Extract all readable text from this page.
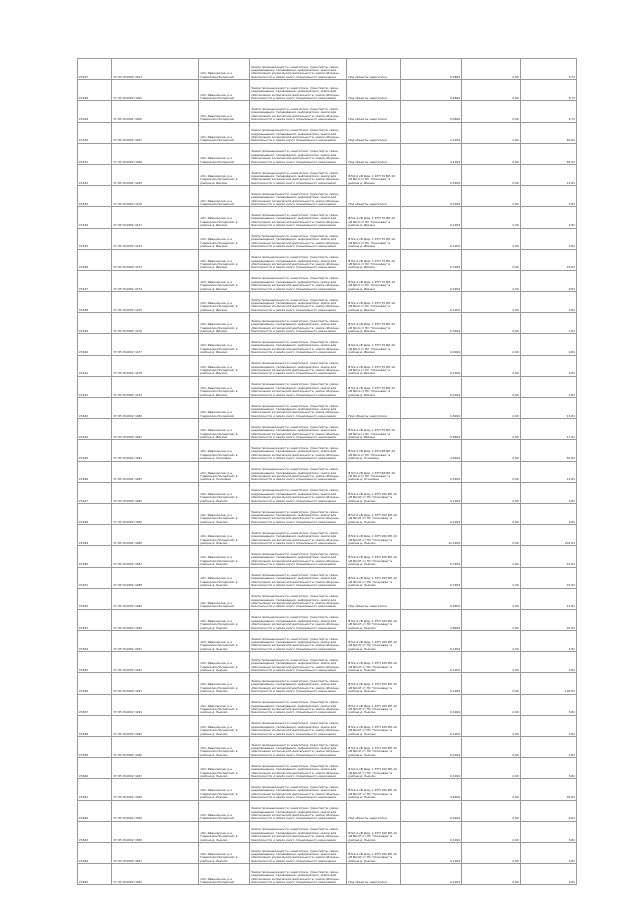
У1627	37:05:011092:1464	обл. Ивановская, р-н Гаврилово-Посадский	Земли промышленности, энергетики, транспорта, связи, радиовещания, телевидения, информатики, земли для обеспечения космической деятельности, земли обороны, безопасности и земли иного специального назначения	Под объекты энергетики	0,4864	2,00	9,73
У1628	37:05:011092:1465	обл. Ивановская, р-н Гаврилово-Посадский	Земли промышленности, энергетики, транспорта, связи, радиовещания, телевидения, информатики, земли для обеспечения космической деятельности, земли обороны, безопасности и земли иного специального назначения	Под объекты энергетики	0,4864	2,00	9,73
У1629	37:05:011092:1466	обл. Ивановская, р-н Гаврилово-Посадский	Земли промышленности, энергетики, транспорта, связи, радиовещания, телевидения, информатики, земли для обеспечения космической деятельности, земли обороны, безопасности и земли иного специального назначения	Под объекты энергетики	0,4864	2,00	9,73
У1630	37:05:011092:1467	обл. Ивановская, р-н Гаврилово-Посадский	Земли промышленности, энергетики, транспорта, связи, радиовещания, телевидения, информатики, земли для обеспечения космической деятельности, земли обороны, безопасности и земли иного специального назначения	Под объекты энергетики	3,1904	2,00	63,81
У1631	37:05:011092:1468	обл. Ивановская, р-н Гаврилово-Посадский	Земли промышленности, энергетики, транспорта, связи, радиовещания, телевидения, информатики, земли для обеспечения космической деятельности, земли обороны, безопасности и земли иного специального назначения	Под объекты энергетики	4,1904	2,00	83,81
У1632	37:05:011092:1469	обл. Ивановская, р-н Гаврилово-Посадский, в районе д. Ивкино	Земли промышленности, энергетики, транспорта, связи, радиовещания, телевидения, информатики, земли для обеспечения космической деятельности, земли обороны, безопасности и земли иного специального назначения	ВЛ-0,4 кВ фид. 1 КТП 70 ВЛ-10 кВ №14 от ПС "Осиновец" в районе д. Ивкино	0,5904	2,00	11,81
У1633	37:05:011092:1470	обл. Ивановская, р-н Гаврилово-Посадский	Земли промышленности, энергетики, транспорта, связи, радиовещания, телевидения, информатики, земли для обеспечения космической деятельности, земли обороны, безопасности и земли иного специального назначения	Под объекты энергетики	0,1904	2,00	3,81
У1634	37:05:011092:1471	обл. Ивановская, р-н Гаврилово-Посадский, в районе д. Ивкино	Земли промышленности, энергетики, транспорта, связи, радиовещания, телевидения, информатики, земли для обеспечения космической деятельности, земли обороны, безопасности и земли иного специального назначения	ВЛ-0,4 кВ фид. 1 КТП 70 ВЛ-10 кВ №14 от ПС "Осиновец" в районе д. Ивкино	0,1904	2,00	3,81
У1635	37:05:011092:1472	обл. Ивановская, р-н Гаврилово-Посадский, в районе д. Ивкино	Земли промышленности, энергетики, транспорта, связи, радиовещания, телевидения, информатики, земли для обеспечения космической деятельности, земли обороны, безопасности и земли иного специального назначения	ВЛ-0,4 кВ фид. 1 КТП 70 ВЛ-10 кВ №14 от ПС "Осиновец" в районе д. Ивкино	0,1904	2,00	3,81
У1636	37:05:011092:1473	обл. Ивановская, р-н Гаврилово-Посадский, в районе д. Ивкино	Земли промышленности, энергетики, транспорта, связи, радиовещания, телевидения, информатики, земли для обеспечения космической деятельности, земли обороны, безопасности и земли иного специального назначения	ВЛ-0,4 кВ фид. 1 КТП 70 ВЛ-10 кВ №14 от ПС "Осиновец" в районе д. Ивкино	0,7904	2,00	15,81
У1637	37:05:011092:1474	обл. Ивановская, р-н Гаврилово-Посадский, в районе д. Ивкино	Земли промышленности, энергетики, транспорта, связи, радиовещания, телевидения, информатики, земли для обеспечения космической деятельности, земли обороны, безопасности и земли иного специального назначения	ВЛ-0,4 кВ фид. 1 КТП 70 ВЛ-10 кВ №14 от ПС "Осиновец" в районе д. Ивкино	0,4904	2,00	9,81
У1638	37:05:011092:1475	обл. Ивановская, р-н Гаврилово-Посадский, в районе д. Ивкино	Земли промышленности, энергетики, транспорта, связи, радиовещания, телевидения, информатики, земли для обеспечения космической деятельности, земли обороны, безопасности и земли иного специального назначения	ВЛ-0,4 кВ фид. 1 КТП 70 ВЛ-10 кВ №14 от ПС "Осиновец" в районе д. Ивкино	0,1904	2,00	3,81
У1639	37:05:011092:1476	обл. Ивановская, р-н Гаврилово-Посадский, в районе д. Ивкино	Земли промышленности, энергетики, транспорта, связи, радиовещания, телевидения, информатики, земли для обеспечения космической деятельности, земли обороны, безопасности и земли иного специального назначения	ВЛ-0,4 кВ фид. 1 КТП 70 ВЛ-10 кВ №14 от ПС "Осиновец" в районе д. Ивкино	0,3904	2,00	7,81
У1640	37:05:011092:1477	обл. Ивановская, р-н Гаврилово-Посадский, в районе д. Ивкино	Земли промышленности, энергетики, транспорта, связи, радиовещания, телевидения, информатики, земли для обеспечения космической деятельности, земли обороны, безопасности и земли иного специального назначения	ВЛ-0,4 кВ фид. 1 КТП 70 ВЛ-10 кВ №14 от ПС "Осиновец" в районе д. Ивкино	0,4904	2,00	9,81
У1641	37:05:011092:1478	обл. Ивановская, р-н Гаврилово-Посадский, в районе д. Ивкино	Земли промышленности, энергетики, транспорта, связи, радиовещания, телевидения, информатики, земли для обеспечения космической деятельности, земли обороны, безопасности и земли иного специального назначения	ВЛ-0,4 кВ фид. 1 КТП 70 ВЛ-10 кВ №14 от ПС "Осиновец" в районе д. Ивкино	0,1904	2,00	3,81
У1642	37:05:011092:1479	обл. Ивановская, р-н Гаврилово-Посадский, в районе д. Ивкино	Земли промышленности, энергетики, транспорта, связи, радиовещания, телевидения, информатики, земли для обеспечения космической деятельности, земли обороны, безопасности и земли иного специального назначения	ВЛ-0,4 кВ фид. 1 КТП 70 ВЛ-10 кВ №14 от ПС "Осиновец" в районе д. Ивкино	0,1904	2,00	3,81
У1643	37:05:011092:1480	обл. Ивановская, р-н Гаврилово-Посадский	Земли промышленности, энергетики, транспорта, связи, радиовещания, телевидения, информатики, земли для обеспечения космической деятельности, земли обороны, безопасности и земли иного специального назначения	Под объекты энергетики	0,6904	2,00	13,81
У1644	37:05:011092:1481	обл. Ивановская, р-н Гаврилово-Посадский, в районе д. Ивкино	Земли промышленности, энергетики, транспорта, связи, радиовещания, телевидения, информатики, земли для обеспечения космической деятельности, земли обороны, безопасности и земли иного специального назначения	ВЛ-0,4 кВ фид. 1 КТП 70 ВЛ-10 кВ №14 от ПС "Осиновец" в районе д. Ивкино	0,8904	2,00	17,81
У1645	37:05:011092:1482	обл. Ивановская, р-н Гаврилово-Посадский, в районе д. Осиновец	Земли промышленности, энергетики, транспорта, связи, радиовещания, телевидения, информатики, земли для обеспечения космической деятельности, земли обороны, безопасности и земли иного специального назначения	ВЛ-0,4 кВ фид. 1 КТП 68 ВЛ-10 кВ №14 от ПС "Осиновец" в районе д. Осиновец	4,0904	2,00	81,81
У1646	37:05:011092:1483	обл. Ивановская, р-н Гаврилово-Посадский, в районе д. Осиновец	Земли промышленности, энергетики, транспорта, связи, радиовещания, телевидения, информатики, земли для обеспечения космической деятельности, земли обороны, безопасности и земли иного специального назначения	ВЛ-0,4 кВ фид. 1 КТП 68 ВЛ-10 кВ №14 от ПС "Осиновец" в районе д. Осиновец	0,5904	2,00	11,81
У1647	37:05:011092:1484	обл. Ивановская, р-н Гаврилово-Посадский, в районе д. Лыково	Земли промышленности, энергетики, транспорта, связи, радиовещания, телевидения, информатики, земли для обеспечения космической деятельности, земли обороны, безопасности и земли иного специального назначения	ВЛ-0,4 кВ фид. 1 КТП 100 ВЛ-10 кВ №147 от ПС "Осиновец" в районе д. Лыково	0,1904	2,00	3,81
У1648	37:05:011092:1485	обл. Ивановская, р-н Гаврилово-Посадский, в районе д. Лыково	Земли промышленности, энергетики, транспорта, связи, радиовещания, телевидения, информатики, земли для обеспечения космической деятельности, земли обороны, безопасности и земли иного специального назначения	ВЛ-0,4 кВ фид. 1 КТП 100 ВЛ-10 кВ №147 от ПС "Осиновец" в районе д. Лыково	0,1904	2,00	3,81
У1649	37:05:011092:1486	обл. Ивановская, р-н Гаврилово-Посадский, в районе д. Лыково	Земли промышленности, энергетики, транспорта, связи, радиовещания, телевидения, информатики, земли для обеспечения космической деятельности, земли обороны, безопасности и земли иного специального назначения	ВЛ-0,4 кВ фид. 1 КТП 100 ВЛ-10 кВ №147 от ПС "Осиновец" в районе д. Лыково	12,1904	2,00	243,81
У1650	37:05:011092:1487	обл. Ивановская, р-н Гаврилово-Посадский, в районе д. Лыково	Земли промышленности, энергетики, транспорта, связи, радиовещания, телевидения, информатики, земли для обеспечения космической деятельности, земли обороны, безопасности и земли иного специального назначения	ВЛ-0,4 кВ фид. 1 КТП 100 ВЛ-10 кВ №147 от ПС "Осиновец" в районе д. Лыково	0,7904	2,00	15,81
У1651	37:05:011092:1488	обл. Ивановская, р-н Гаврилово-Посадский, в районе д. Лыково	Земли промышленности, энергетики, транспорта, связи, радиовещания, телевидения, информатики, земли для обеспечения космической деятельности, земли обороны, безопасности и земли иного специального назначения	ВЛ-0,4 кВ фид. 1 КТП 100 ВЛ-10 кВ №147 от ПС "Осиновец" в районе д. Лыково	0,7904	2,00	15,81
У1652	37:05:011092:1489	обл. Ивановская, р-н Гаврилово-Посадский	Земли промышленности, энергетики, транспорта, связи, радиовещания, телевидения, информатики, земли для обеспечения космической деятельности, земли обороны, безопасности и земли иного специального назначения	Под объекты энергетики	0,6904	2,00	13,81
У1653	37:05:011092:1490	обл. Ивановская, р-н Гаврилово-Посадский, в районе д. Лыково	Земли промышленности, энергетики, транспорта, связи, радиовещания, телевидения, информатики, земли для обеспечения космической деятельности, земли обороны, безопасности и земли иного специального назначения	ВЛ-0,4 кВ фид. 1 КТП 100 ВЛ-10 кВ №147 от ПС "Осиновец" в районе д. Лыково	4,8904	2,00	97,81
У1654	37:05:011092:1491	обл. Ивановская, р-н Гаврилово-Посадский, в районе д. Лыково	Земли промышленности, энергетики, транспорта, связи, радиовещания, телевидения, информатики, земли для обеспечения космической деятельности, земли обороны, безопасности и земли иного специального назначения	ВЛ-0,4 кВ фид. 1 КТП 100 ВЛ-10 кВ №147 от ПС "Осиновец" в районе д. Лыково	0,1904	2,00	3,81
У1655	37:05:011092:1492	обл. Ивановская, р-н Гаврилово-Посадский, в районе д. Лыково	Земли промышленности, энергетики, транспорта, связи, радиовещания, телевидения, информатики, земли для обеспечения космической деятельности, земли обороны, безопасности и земли иного специального назначения	ВЛ-0,4 кВ фид. 1 КТП 100 ВЛ-10 кВ №147 от ПС "Осиновец" в районе д. Лыково	0,1904	2,00	3,81
У1656	37:05:011092:1493	обл. Ивановская, р-н Гаврилово-Посадский, в районе д. Лыково	Земли промышленности, энергетики, транспорта, связи, радиовещания, телевидения, информатики, земли для обеспечения космической деятельности, земли обороны, безопасности и земли иного специального назначения	ВЛ-0,4 кВ фид. 1 КТП 100 ВЛ-10 кВ №147 от ПС "Осиновец" в районе д. Лыково	5,1904	2,00	103,81
У1657	37:05:011092:1494	обл. Ивановская, р-н Гаврилово-Посадский, в районе д. Лыково	Земли промышленности, энергетики, транспорта, связи, радиовещания, телевидения, информатики, земли для обеспечения космической деятельности, земли обороны, безопасности и земли иного специального назначения	ВЛ-0,4 кВ фид. 1 КТП 100 ВЛ-10 кВ №147 от ПС "Осиновец" в районе д. Лыково	0,1904	2,00	3,81
У1658	37:05:011092:1495	обл. Ивановская, р-н Гаврилово-Посадский, в районе д. Лыково	Земли промышленности, энергетики, транспорта, связи, радиовещания, телевидения, информатики, земли для обеспечения космической деятельности, земли обороны, безопасности и земли иного специального назначения	ВЛ-0,4 кВ фид. 1 КТП 100 ВЛ-10 кВ №147 от ПС "Осиновец" в районе д. Лыково	0,1904	2,00	3,81
У1659	37:05:011092:1496	обл. Ивановская, р-н Гаврилово-Посадский, в районе д. Лыково	Земли промышленности, энергетики, транспорта, связи, радиовещания, телевидения, информатики, земли для обеспечения космической деятельности, земли обороны, безопасности и земли иного специального назначения	ВЛ-0,4 кВ фид. 1 КТП 100 ВЛ-10 кВ №147 от ПС "Осиновец" в районе д. Лыково	0,1904	2,00	3,81
У1660	37:05:011092:1497	обл. Ивановская, р-н Гаврилово-Посадский, в районе д. Лыково	Земли промышленности, энергетики, транспорта, связи, радиовещания, телевидения, информатики, земли для обеспечения космической деятельности, земли обороны, безопасности и земли иного специального назначения	ВЛ-0,4 кВ фид. 1 КТП 100 ВЛ-10 кВ №147 от ПС "Осиновец" в районе д. Лыково	0,1904	2,00	3,81
У1661	37:05:011092:1498	обл. Ивановская, р-н Гаврилово-Посадский, в районе д. Лыково	Земли промышленности, энергетики, транспорта, связи, радиовещания, телевидения, информатики, земли для обеспечения космической деятельности, земли обороны, безопасности и земли иного специального назначения	ВЛ-0,4 кВ фид. 1 КТП 100 ВЛ-10 кВ №147 от ПС "Осиновец" в районе д. Лыково	4,6904	2,00	93,81
У1662	37:05:011092:1499	обл. Ивановская, р-н Гаврилово-Посадский	Земли промышленности, энергетики, транспорта, связи, радиовещания, телевидения, информатики, земли для обеспечения космической деятельности, земли обороны, безопасности и земли иного специального назначения	Под объекты энергетики	0,4904	2,00	9,81
У1663	37:05:011092:1500	обл. Ивановская, р-н Гаврилово-Посадский, в районе д. Лыково	Земли промышленности, энергетики, транспорта, связи, радиовещания, телевидения, информатики, земли для обеспечения космической деятельности, земли обороны, безопасности и земли иного специального назначения	ВЛ-0,4 кВ фид. 1 КТП 100 ВЛ-10 кВ №147 от ПС "Осиновец" в районе д. Лыково	0,1904	2,00	3,81
У1664	37:05:011092:1501	обл. Ивановская, р-н Гаврилово-Посадский, в районе д. Лыково	Земли промышленности, энергетики, транспорта, связи, радиовещания, телевидения, информатики, земли для обеспечения космической деятельности, земли обороны, безопасности и земли иного специального назначения	ВЛ-0,4 кВ фид. 1 КТП 100 ВЛ-10 кВ №147 от ПС "Осиновец" в районе д. Лыково	0,1904	2,00	3,81
У1665	37:05:011092:1502	обл. Ивановская, р-н Гаврилово-Посадский	Земли промышленности, энергетики, транспорта, связи, радиовещания, телевидения, информатики, земли для обеспечения космической деятельности, земли обороны, безопасности и земли иного специального назначения	Под объекты энергетики	0,1904	2,00	3,81
